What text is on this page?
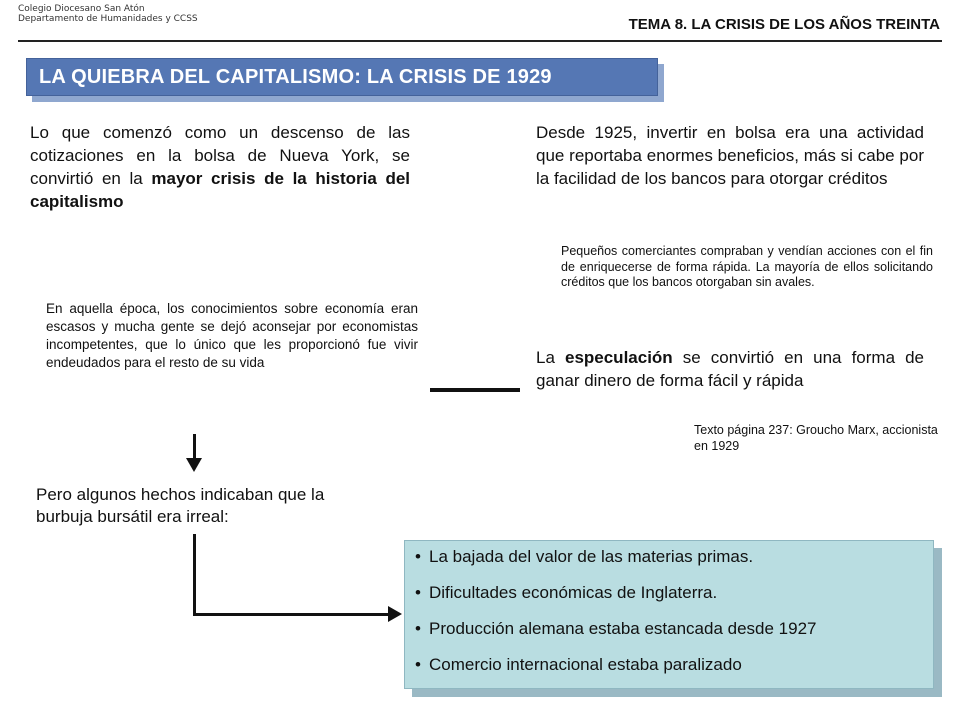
Colegio Diocesano San Atón
Departamento de Humanidades y CCSS	TEMA 8. LA CRISIS DE LOS AÑOS TREINTA
LA QUIEBRA DEL CAPITALISMO: LA CRISIS DE 1929
Lo que comenzó como un descenso de las cotizaciones en la bolsa de Nueva York, se convirtió en la mayor crisis de la historia del capitalismo
Desde 1925, invertir en bolsa era una actividad que reportaba enormes beneficios, más si cabe por la facilidad de los bancos para otorgar créditos
Pequeños comerciantes compraban y vendían acciones con el fin de enriquecerse de forma rápida. La mayoría de ellos solicitando créditos que los bancos otorgaban sin avales.
En aquella época, los conocimientos sobre economía eran escasos y mucha gente se dejó aconsejar por economistas incompetentes, que lo único que les proporcionó fue vivir endeudados para el resto de su vida	La especulación se convirtió en una forma de ganar dinero de forma fácil y rápida
Texto página 237: Groucho Marx, accionista en 1929
Pero algunos hechos indicaban que la burbuja bursátil era irreal:
• La bajada del valor de las materias primas.
• Dificultades económicas de Inglaterra.
• Producción alemana estaba estancada desde 1927
• Comercio internacional estaba paralizado
